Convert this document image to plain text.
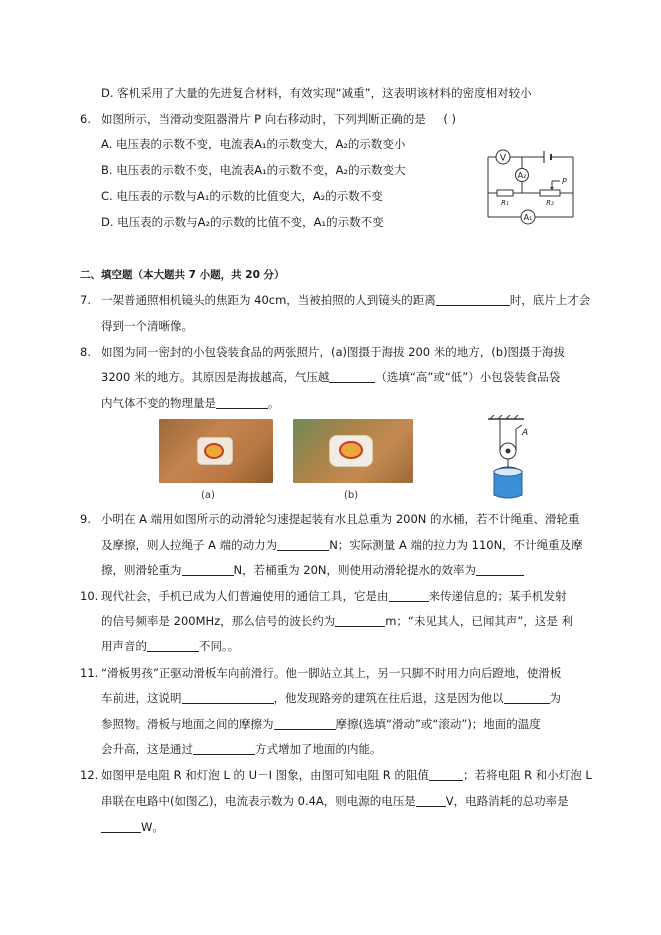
D. 客机采用了大量的先进复合材料，有效实现“减重”，这表明该材料的密度相对较小
6. 如图所示，当滑动变阻器滑片 P 向右移动时，下列判断正确的是 ( )
A. 电压表的示数不变，电流表A₁的示数变大，A₂的示数变小
B. 电压表的示数不变，电流表A₁的示数不变，A₂的示数变大
C. 电压表的示数与A₁的示数的比值变大，A₂的示数不变
D. 电压表的示数与A₂的示数的比值不变，A₁的示数不变
V
A₂
A₁
R₁	R₂
P
二、填空题（本大题共 7 小题，共 20 分）
7. 一架普通照相机镜头的焦距为 40cm，当被拍照的人到镜头的距离	时，底片上才会
得到一个清晰像。
8. 如图为同一密封的小包袋装食品的两张照片，(a)图摄于海拔 200 米的地方，(b)图摄于海拔
3200 米的地方。其原因是海拔越高，气压越	（选填“高”或“低”）小包袋装食品袋
内气体不变的物理量是	。
(a)	(b)
A
9. 小明在 A 端用如图所示的动滑轮匀速提起装有水且总重为 200N 的水桶，若不计绳重、滑轮重
及摩擦，则人拉绳子 A 端的动力为	N；实际测量 A 端的拉力为 110N，不计绳重及摩
擦，则滑轮重为	N，若桶重为 20N，则使用动滑轮提水的效率为
10. 现代社会，手机已成为人们普遍使用的通信工具，它是由	来传递信息的；某手机发射
的信号频率是 200MHz，那么信号的波长约为	m；“未见其人，已闻其声”，这是 利
用声音的	不同。。
11. “滑板男孩”正驱动滑板车向前滑行。他一脚站立其上，另一只脚不时用力向后蹬地，使滑板
车前进，这说明	，他发现路旁的建筑在往后退，这是因为他以	为
参照物。滑板与地面之间的摩擦为	摩擦(选填“滑动”或“滚动”)；地面的温度
会升高，这是通过	方式增加了地面的内能。
12. 如图甲是电阻 R 和灯泡 L 的 U－I 图象，由图可知电阻 R 的阻值	；若将电阻 R 和小灯泡 L
串联在电路中(如图乙)，电流表示数为 0.4A，则电源的电压是	V，电路消耗的总功率是
W。
